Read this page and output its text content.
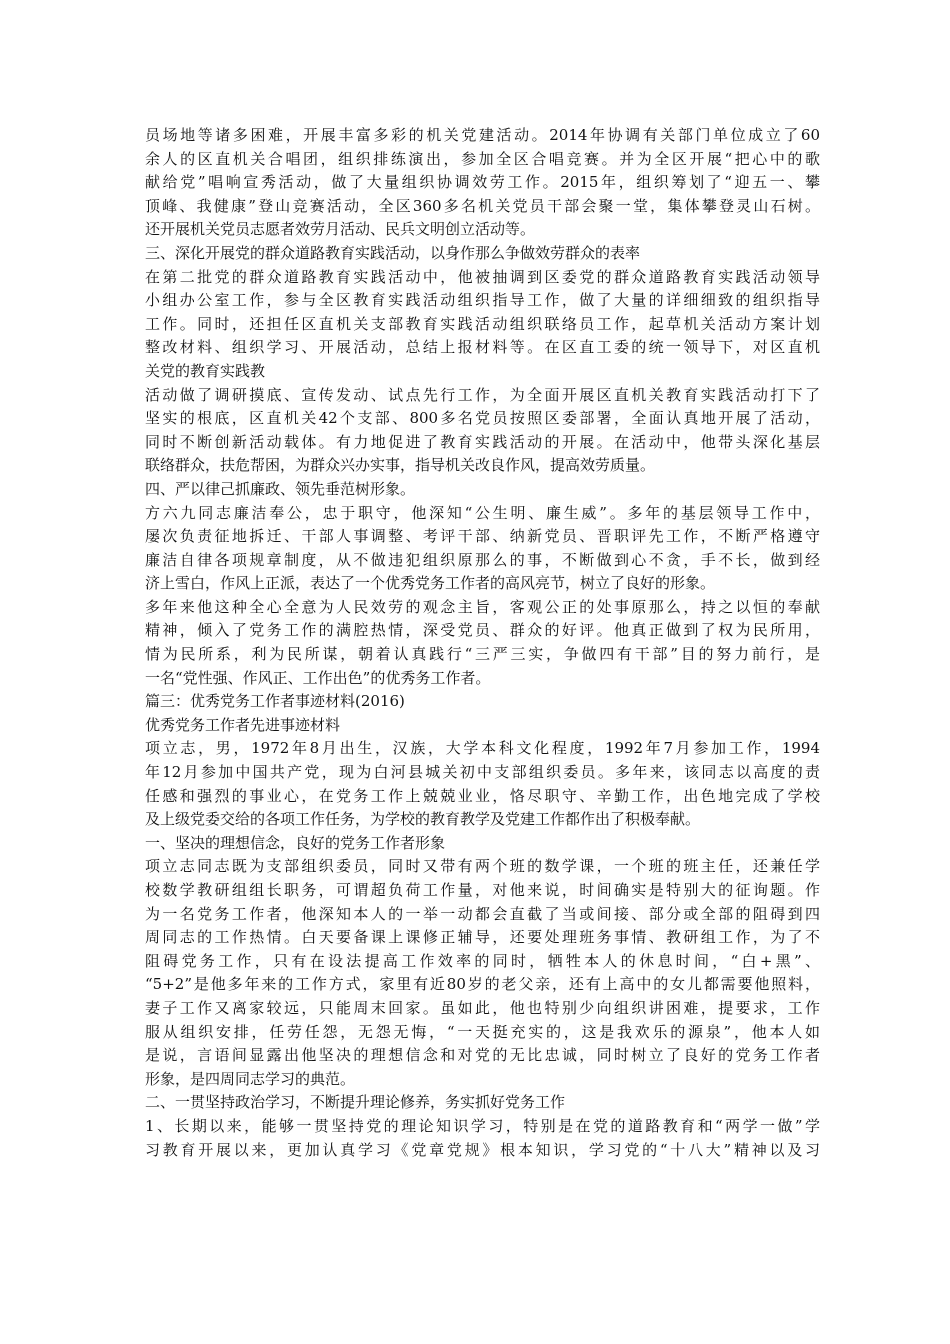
员场地等诸多困难，开展丰富多彩的机关党建活动。2014年协调有关部门单位成立了60
余人的区直机关合唱团，组织排练演出，参加全区合唱竞赛。并为全区开展“把心中的歌
献给党”唱响宣秀活动，做了大量组织协调效劳工作。2015年，组织筹划了“迎五一、攀
顶峰、我健康”登山竞赛活动，全区360多名机关党员干部会聚一堂，集体攀登灵山石树。
还开展机关党员志愿者效劳月活动、民兵文明创立活动等。
三、深化开展党的群众道路教育实践活动，以身作那么争做效劳群众的表率
在第二批党的群众道路教育实践活动中，他被抽调到区委党的群众道路教育实践活动领导
小组办公室工作，参与全区教育实践活动组织指导工作，做了大量的详细细致的组织指导
工作。同时，还担任区直机关支部教育实践活动组织联络员工作，起草机关活动方案计划
整改材料、组织学习、开展活动，总结上报材料等。在区直工委的统一领导下，对区直机
关党的教育实践教
活动做了调研摸底、宣传发动、试点先行工作，为全面开展区直机关教育实践活动打下了
坚实的根底，区直机关42个支部、800多名党员按照区委部署，全面认真地开展了活动，
同时不断创新活动载体。有力地促进了教育实践活动的开展。在活动中，他带头深化基层
联络群众，扶危帮困，为群众兴办实事，指导机关改良作风，提高效劳质量。
四、严以律己抓廉政、领先垂范树形象。
方六九同志廉洁奉公，忠于职守，他深知“公生明、廉生威”。多年的基层领导工作中，
屡次负责征地拆迁、干部人事调整、考评干部、纳新党员、晋职评先工作，不断严格遵守
廉洁自律各项规章制度，从不做违犯组织原那么的事，不断做到心不贪，手不长，做到经
济上雪白，作风上正派，表达了一个优秀党务工作者的高风亮节，树立了良好的形象。
多年来他这种全心全意为人民效劳的观念主旨，客观公正的处事原那么，持之以恒的奉献
精神，倾入了党务工作的满腔热情，深受党员、群众的好评。他真正做到了权为民所用，
情为民所系，利为民所谋，朝着认真践行“三严三实，争做四有干部”目的努力前行，是
一名“党性强、作风正、工作出色”的优秀务工作者。
篇三：优秀党务工作者事迹材料(2016)
优秀党务工作者先进事迹材料
项立志，男，1972年8月出生，汉族，大学本科文化程度，1992年7月参加工作，1994
年12月参加中国共产党，现为白河县城关初中支部组织委员。多年来，该同志以高度的责
任感和强烈的事业心，在党务工作上兢兢业业，恪尽职守、辛勤工作，出色地完成了学校
及上级党委交给的各项工作任务，为学校的教育教学及党建工作都作出了积极奉献。
一、坚决的理想信念，良好的党务工作者形象
项立志同志既为支部组织委员，同时又带有两个班的数学课，一个班的班主任，还兼任学
校数学教研组组长职务，可谓超负荷工作量，对他来说，时间确实是特别大的征询题。作
为一名党务工作者，他深知本人的一举一动都会直截了当或间接、部分或全部的阻碍到四
周同志的工作热情。白天要备课上课修正辅导，还要处理班务事情、教研组工作，为了不
阻碍党务工作，只有在设法提高工作效率的同时，牺牲本人的休息时间，“白+黑”、
“5+2”是他多年来的工作方式，家里有近80岁的老父亲，还有上高中的女儿都需要他照料，
妻子工作又离家较远，只能周末回家。虽如此，他也特别少向组织讲困难，提要求，工作
服从组织安排，任劳任怨，无怨无悔，“一天挺充实的，这是我欢乐的源泉”，他本人如
是说，言语间显露出他坚决的理想信念和对党的无比忠诚，同时树立了良好的党务工作者
形象，是四周同志学习的典范。
二、一贯坚持政治学习，不断提升理论修养，务实抓好党务工作
1、长期以来，能够一贯坚持党的理论知识学习，特别是在党的道路教育和“两学一做”学
习教育开展以来，更加认真学习《党章党规》根本知识，学习党的“十八大”精神以及习
